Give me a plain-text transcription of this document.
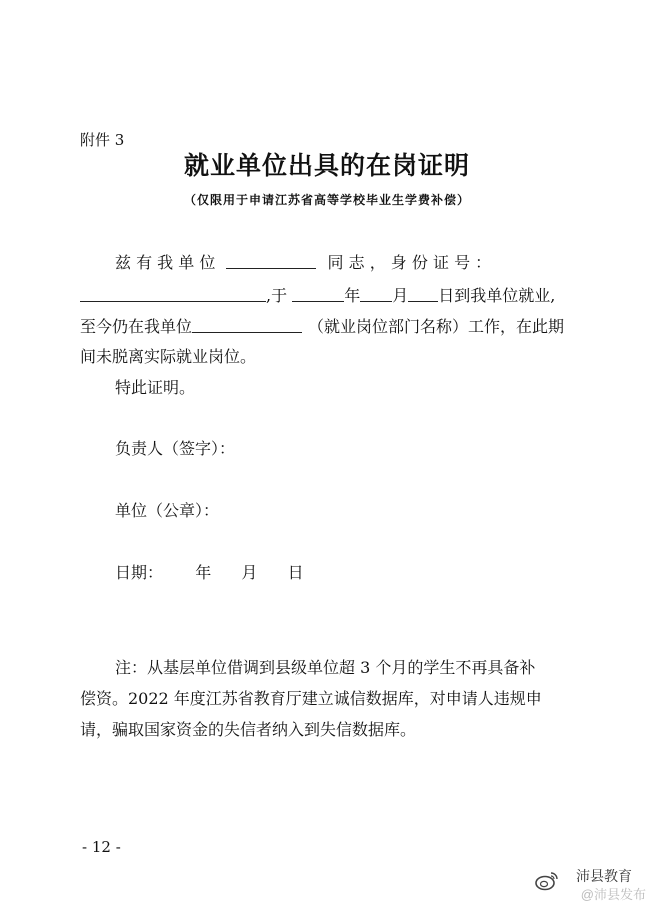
附件 3
就业单位出具的在岗证明
（仅限用于申请江苏省高等学校毕业生学费补偿）
兹 有 我 单 位	同 志 ， 身 份 证 号 ：
,于	年 月 日到我单位就业,
至今仍在我单位	（就业岗位部门名称）工作，在此期
间未脱离实际就业岗位。
特此证明。
负责人（签字）：
单位（公章）：
日期： 年 月 日
注：从基层单位借调到县级单位超 3 个月的学生不再具备补
偿资。2022 年度江苏省教育厅建立诚信数据库，对申请人违规申
请，骗取国家资金的失信者纳入到失信数据库。
- 12 -
沛县教育
@沛县发布
